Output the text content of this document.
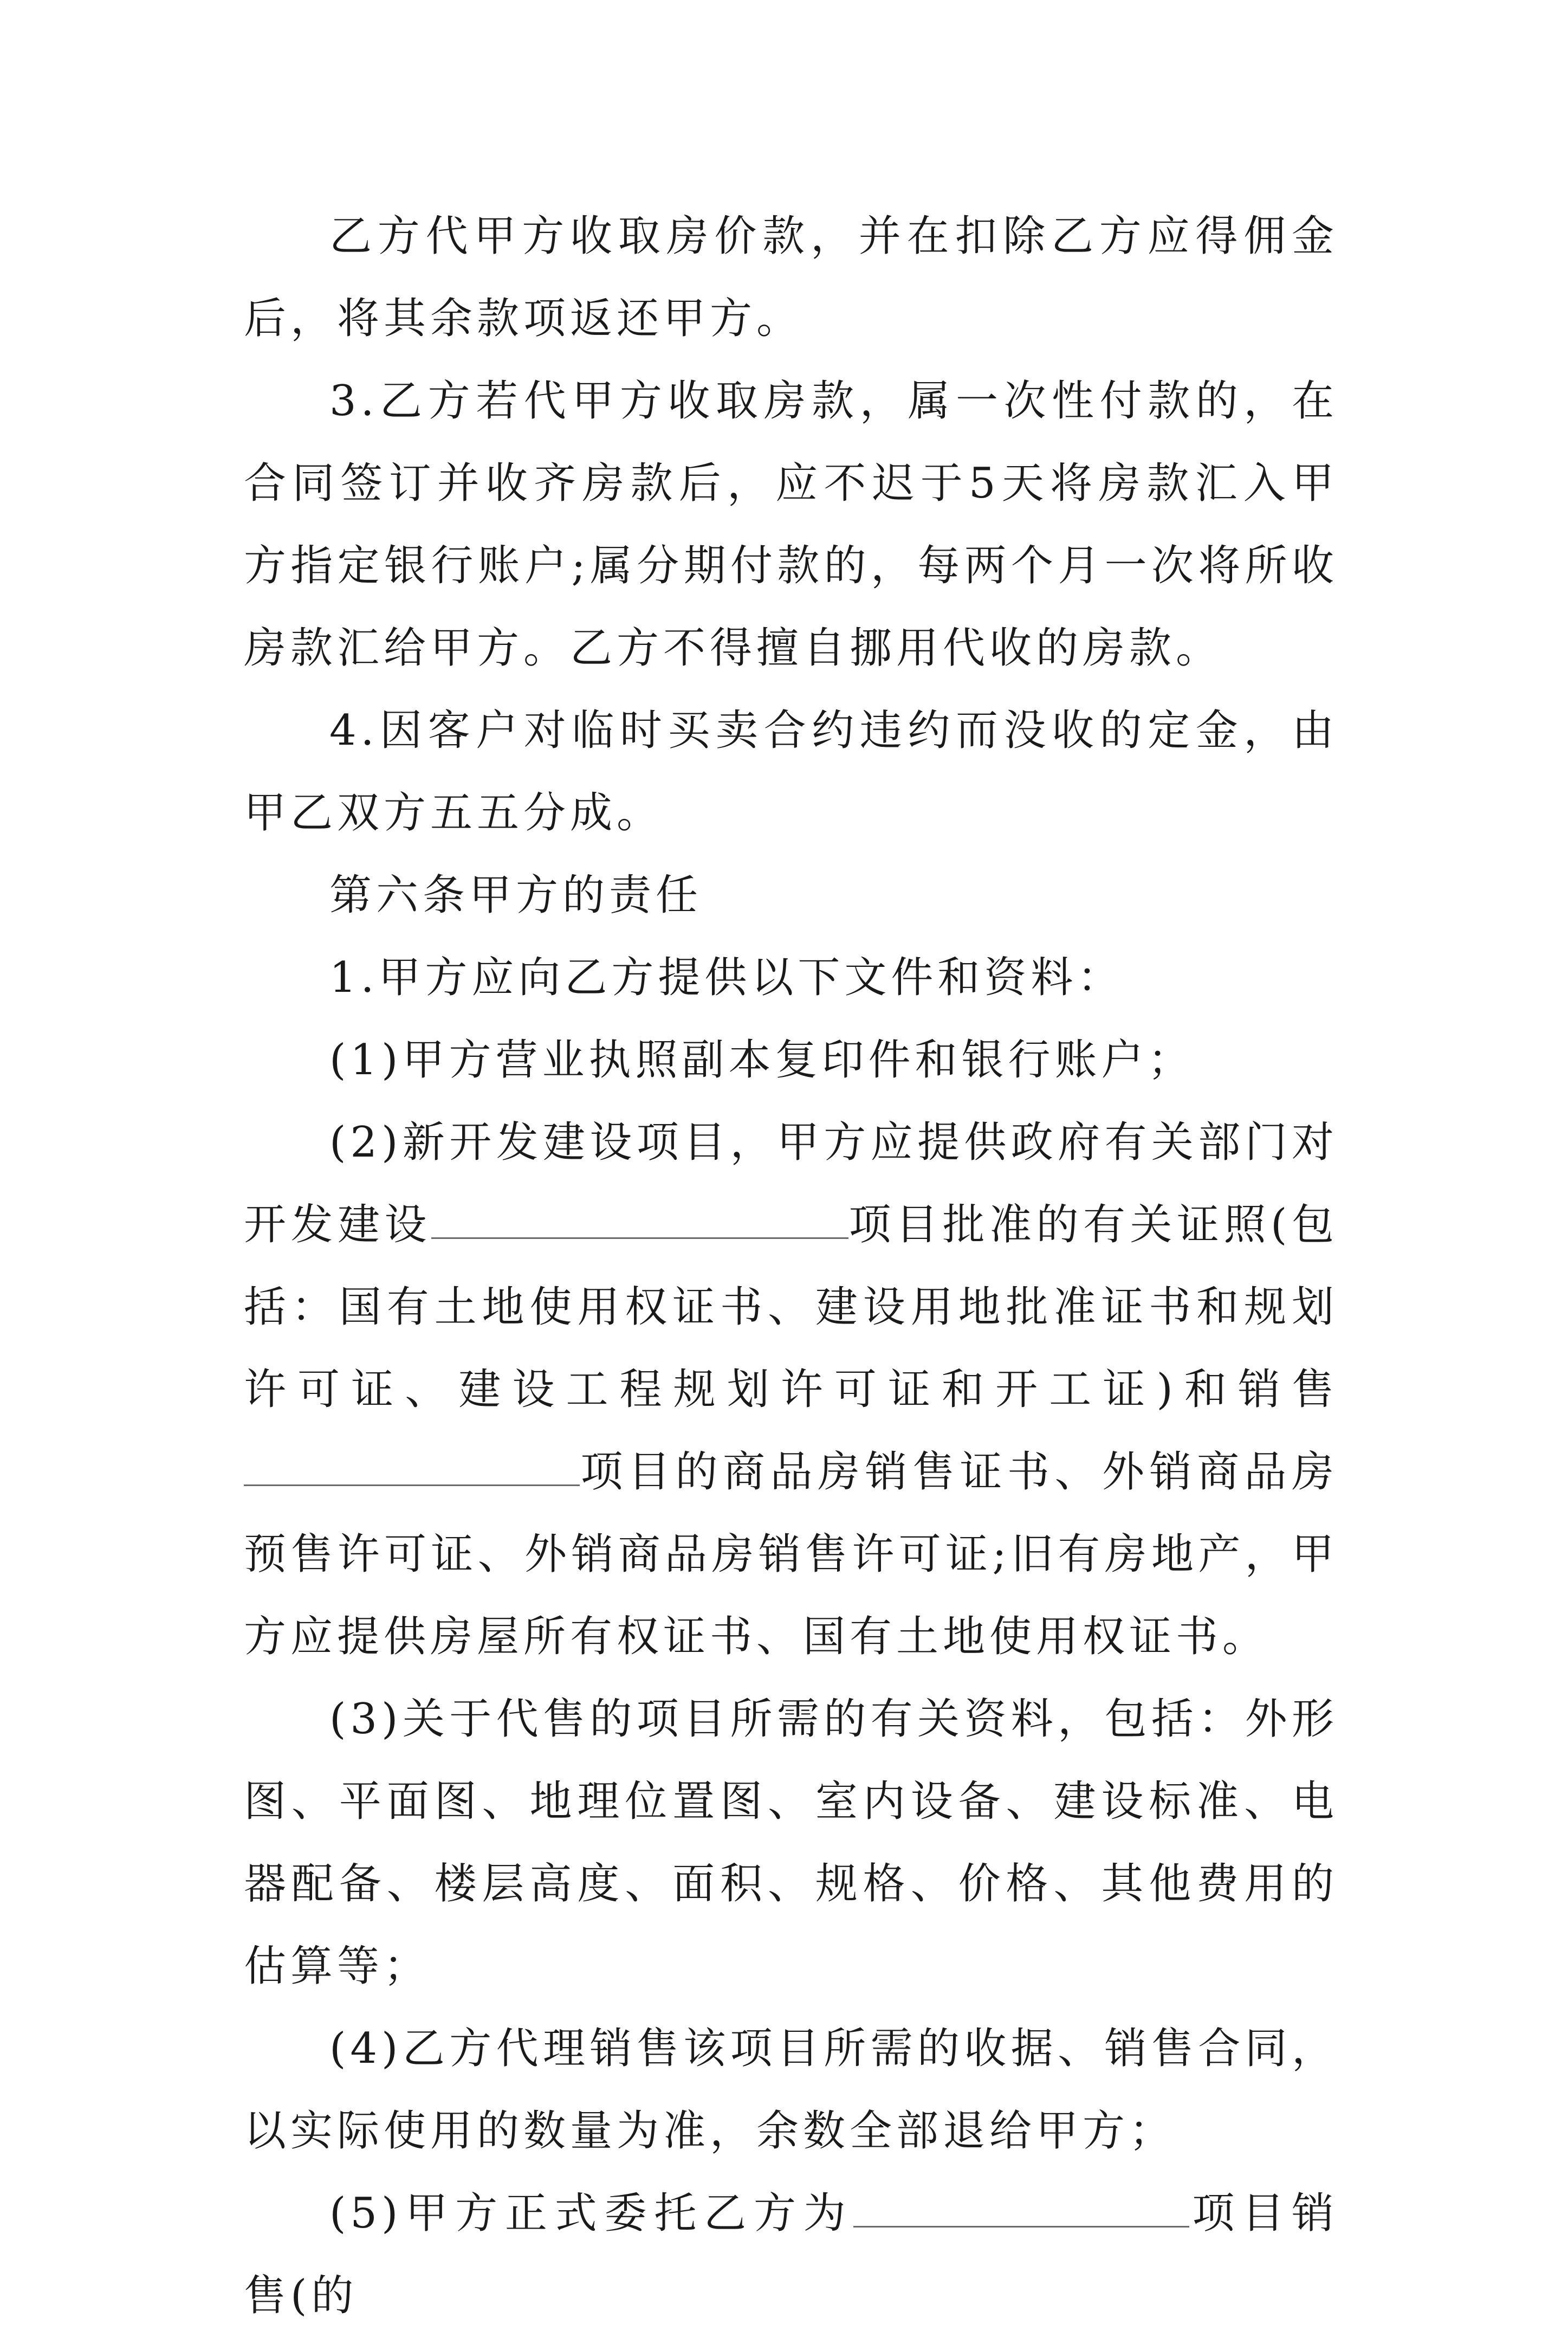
乙方代甲方收取房价款，并在扣除乙方应得佣金后，将其余款项返还甲方。

3.乙方若代甲方收取房款，属一次性付款的，在合同签订并收齐房款后，应不迟于5天将房款汇入甲方指定银行账户;属分期付款的，每两个月一次将所收房款汇给甲方。乙方不得擅自挪用代收的房款。

4.因客户对临时买卖合约违约而没收的定金，由甲乙双方五五分成。

第六条甲方的责任

1.甲方应向乙方提供以下文件和资料：

(1)甲方营业执照副本复印件和银行账户；

(2)新开发建设项目，甲方应提供政府有关部门对开发建设	项目批准的有关证照(包括：国有土地使用权证书、建设用地批准证书和规划许可证、建设工程规划许可证和开工证)和销售项目的商品房销售证书、外销商品房预售许可证、外销商品房销售许可证;旧有房地产，甲方应提供房屋所有权证书、国有土地使用权证书。

(3)关于代售的项目所需的有关资料，包括：外形图、平面图、地理位置图、室内设备、建设标准、电器配备、楼层高度、面积、规格、价格、其他费用的估算等；

(4)乙方代理销售该项目所需的收据、销售合同，以实际使用的数量为准，余数全部退给甲方；

(5)甲方正式委托乙方为	项目销售(的
